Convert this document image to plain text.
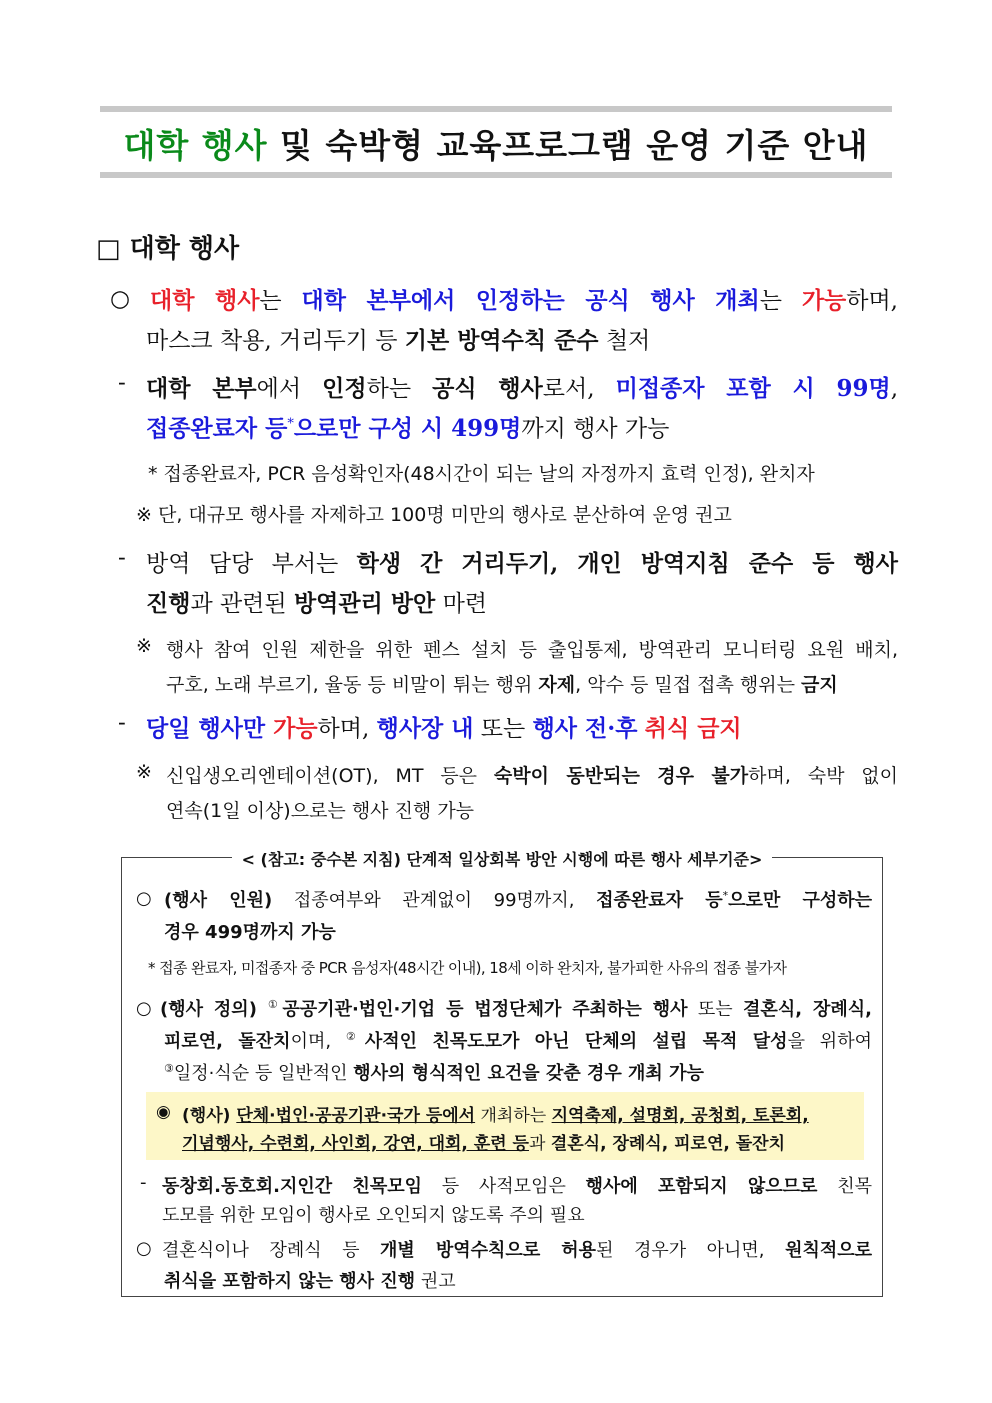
대학 행사 및 숙박형 교육프로그램 운영 기준 안내
□ 대학 행사
○ 대학 행사는 대학 본부에서 인정하는 공식 행사 개최는 가능하며,
마스크 착용, 거리두기 등 기본 방역수칙 준수 철저
- 대학 본부에서 인정하는 공식 행사로서, 미접종자 포함 시 99명,
접종완료자 등*으로만 구성 시 499명까지 행사 가능
* 접종완료자, PCR 음성확인자(48시간이 되는 날의 자정까지 효력 인정), 완치자
※ 단, 대규모 행사를 자제하고 100명 미만의 행사로 분산하여 운영 권고
- 방역 담당 부서는 학생 간 거리두기, 개인 방역지침 준수 등 행사
진행과 관련된 방역관리 방안 마련
※ 행사 참여 인원 제한을 위한 펜스 설치 등 출입통제, 방역관리 모니터링 요원 배치,
구호, 노래 부르기, 율동 등 비말이 튀는 행위 자제, 악수 등 밀접 접촉 행위는 금지
- 당일 행사만 가능하며, 행사장 내 또는 행사 전·후 취식 금지
※ 신입생오리엔테이션(OT), MT 등은 숙박이 동반되는 경우 불가하며, 숙박 없이
연속(1일 이상)으로는 행사 진행 가능
< (참고: 중수본 지침) 단계적 일상회복 방안 시행에 따른 행사 세부기준>
○ (행사 인원) 접종여부와 관계없이 99명까지, 접종완료자 등*으로만 구성하는
경우 499명까지 가능
* 접종 완료자, 미접종자 중 PCR 음성자(48시간 이내), 18세 이하 완치자, 불가피한 사유의 접종 불가자
○ (행사 정의) ①공공기관·법인·기업 등 법정단체가 주최하는 행사 또는 결혼식, 장례식,
피로연, 돌잔치이며, ②사적인 친목도모가 아닌 단체의 설립 목적 달성을 위하여
③일정·식순 등 일반적인 행사의 형식적인 요건을 갖춘 경우 개최 가능
◉ (행사) 단체·법인·공공기관·국가 등에서 개최하는 지역축제, 설명회, 공청회, 토론회,
기념행사, 수련회, 사인회, 강연, 대회, 훈련 등과 결혼식, 장례식, 피로연, 돌잔치
- 동창회.동호회.지인간 친목모임 등 사적모임은 행사에 포함되지 않으므로 친목
도모를 위한 모임이 행사로 오인되지 않도록 주의 필요
○ 결혼식이나 장례식 등 개별 방역수칙으로 허용된 경우가 아니면, 원칙적으로
취식을 포함하지 않는 행사 진행 권고
